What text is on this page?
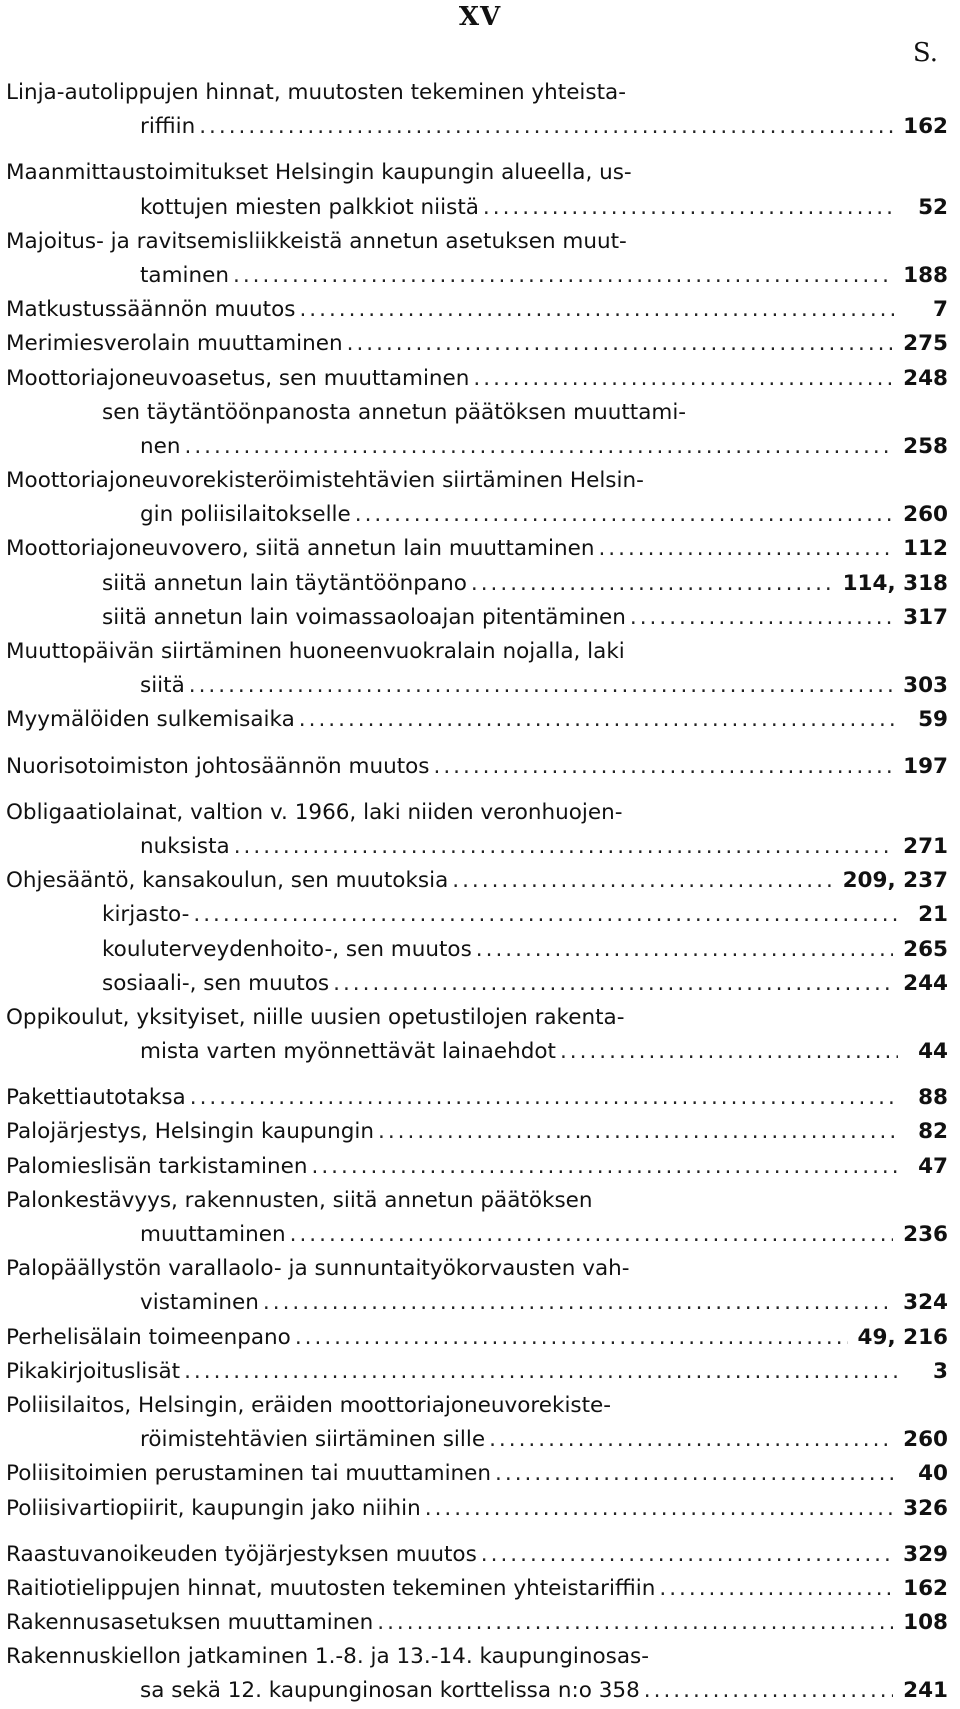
XV
S.
Linja-autolippujen hinnat, muutosten tekeminen yhteista-
riffiin .....	162
Maanmittaustoimitukset Helsingin kaupungin alueella, us-
kottujen miesten palkkiot niistä .....	52
Majoitus- ja ravitsemisliikkeistä annetun asetuksen muut-
taminen .....	188
Matkustussäännön muutos .....	7
Merimiesverolain muuttaminen .....	275
Moottoriajoneuvoasetus, sen muuttaminen .....	248
sen täytäntöönpanosta annetun päätöksen muuttami-
nen .....	258
Moottoriajoneuvorekisteröimistehtävien siirtäminen Helsin-
gin poliisilaitokselle .....	260
Moottoriajoneuvovero, siitä annetun lain muuttaminen .....	112
siitä annetun lain täytäntöönpano .....	114, 318
siitä annetun lain voimassaoloajan pitentäminen .....	317
Muuttopäivän siirtäminen huoneenvuokralain nojalla, laki
siitä .....	303
Myymälöiden sulkemisaika .....	59
Nuorisotoimiston johtosäännön muutos .....	197
Obligaatiolainat, valtion v. 1966, laki niiden veronhuojen-
nuksista .....	271
Ohjesääntö, kansakoulun, sen muutoksia .....	209, 237
kirjasto- .....	21
kouluterveydenhoito-, sen muutos .....	265
sosiaali-, sen muutos .....	244
Oppikoulut, yksityiset, niille uusien opetustilojen rakenta-
mista varten myönnettävät lainaehdot .....	44
Pakettiautotaksa .....	88
Palojärjestys, Helsingin kaupungin .....	82
Palomieslisän tarkistaminen .....	47
Palonkestävyys, rakennusten, siitä annetun päätöksen
muuttaminen .....	236
Palopäällystön varallaolo- ja sunnuntaityökorvausten vah-
vistaminen .....	324
Perhelisälain toimeenpano .....	49, 216
Pikakirjoituslisät .....	3
Poliisilaitos, Helsingin, eräiden moottoriajoneuvorekiste-
röimistehtävien siirtäminen sille .....	260
Poliisitoimien perustaminen tai muuttaminen .....	40
Poliisivartiopiirit, kaupungin jako niihin .....	326
Raastuvanoikeuden työjärjestyksen muutos .....	329
Raitiotielippujen hinnat, muutosten tekeminen yhteistariffiin .....	162
Rakennusasetuksen muuttaminen .....	108
Rakennuskiellon jatkaminen 1.-8. ja 13.-14. kaupunginosas-
sa sekä 12. kaupunginosan korttelissa n:o 358 .....	241
